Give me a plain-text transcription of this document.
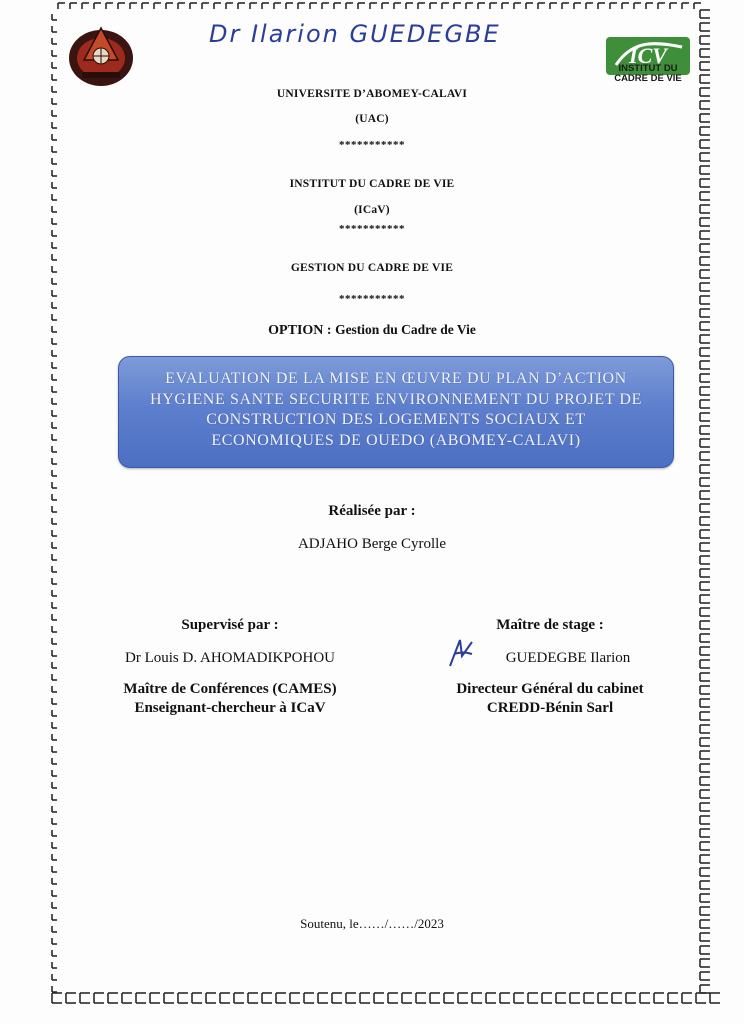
Dr Ilarion GUEDEGBE
ICV
INSTITUT DU
CADRE DE VIE
UNIVERSITE D’ABOMEY-CALAVI
(UAC)
***********
INSTITUT DU CADRE DE VIE
(ICaV)
***********
GESTION DU CADRE DE VIE
***********
OPTION : Gestion du Cadre de Vie
EVALUATION DE LA MISE EN ŒUVRE DU PLAN D’ACTION
HYGIENE SANTE SECURITE ENVIRONNEMENT DU PROJET DE
CONSTRUCTION DES LOGEMENTS SOCIAUX ET
ECONOMIQUES DE OUEDO (ABOMEY-CALAVI)
Réalisée par :
ADJAHO Berge Cyrolle
Supervisé par :
Dr Louis D. AHOMADIKPOHOU
Maître de Conférences (CAMES)
Enseignant-chercheur à ICaV
Maître de stage :
GUEDEGBE Ilarion
Directeur Général du cabinet
CREDD-Bénin Sarl
Soutenu, le……/……/2023
